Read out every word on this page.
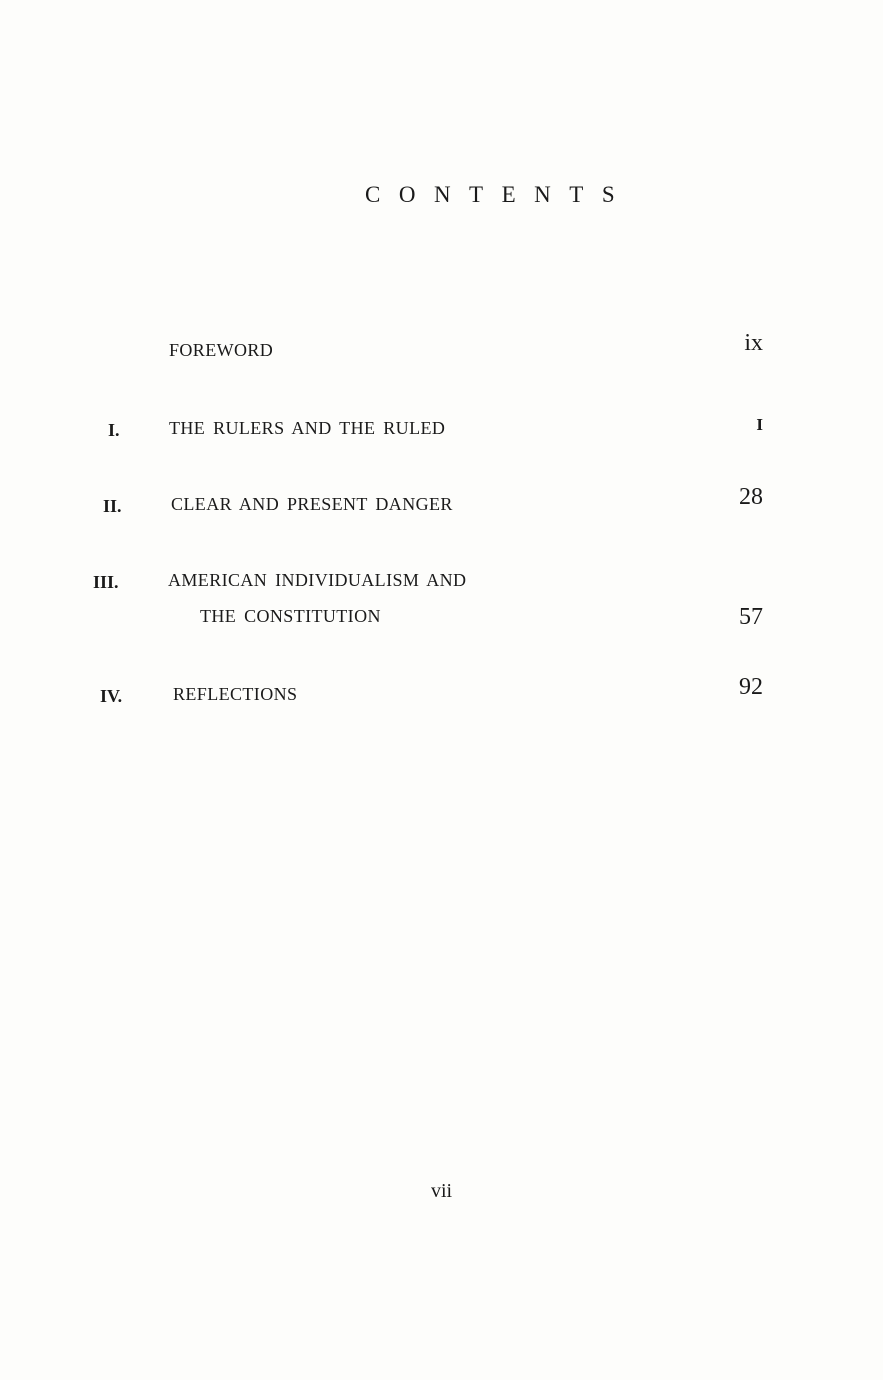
CONTENTS
FOREWORD	ix
I.	THE RULERS AND THE RULED	I
II.	CLEAR AND PRESENT DANGER	28
III.	AMERICAN INDIVIDUALISM AND
THE CONSTITUTION	57
IV.	REFLECTIONS	92
vii
